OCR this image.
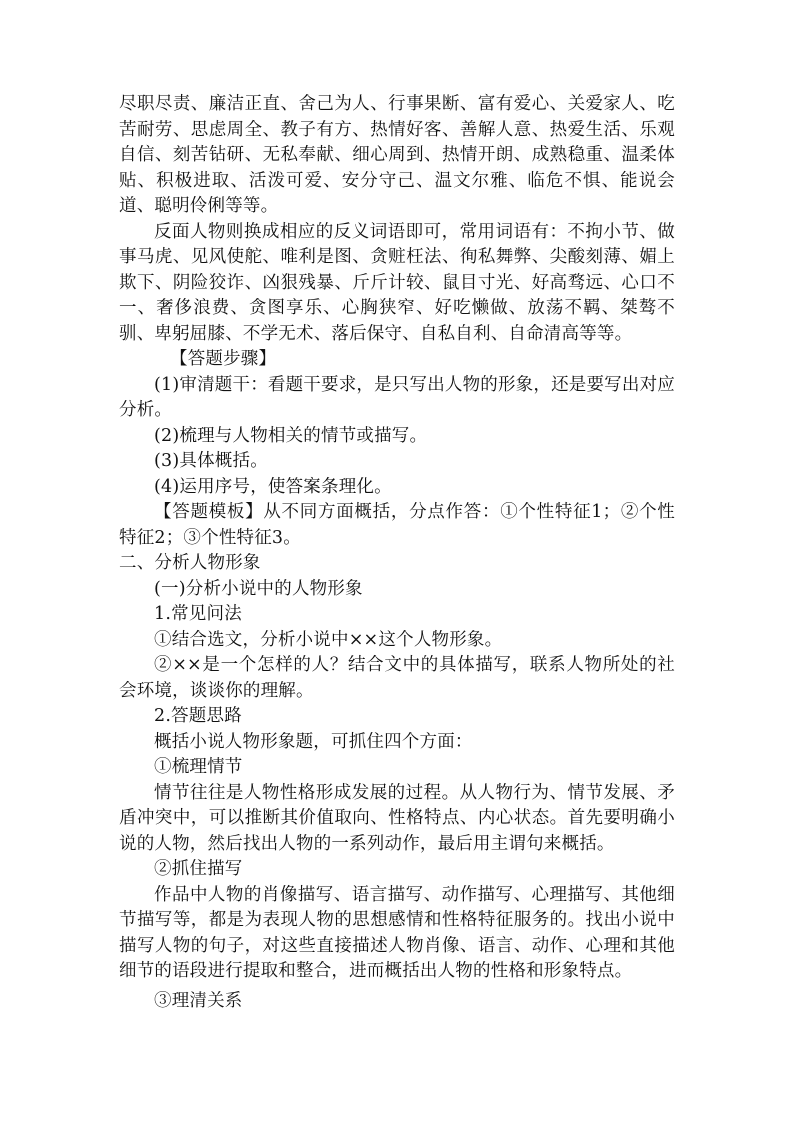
尽职尽责、廉洁正直、舍己为人、行事果断、富有爱心、关爱家人、吃苦耐劳、思虑周全、教子有方、热情好客、善解人意、热爱生活、乐观自信、刻苦钻研、无私奉献、细心周到、热情开朗、成熟稳重、温柔体贴、积极进取、活泼可爱、安分守己、温文尔雅、临危不惧、能说会道、聪明伶俐等等。

反面人物则换成相应的反义词语即可，常用词语有：不拘小节、做事马虎、见风使舵、唯利是图、贪赃枉法、徇私舞弊、尖酸刻薄、媚上欺下、阴险狡诈、凶狠残暴、斤斤计较、鼠目寸光、好高骛远、心口不一、奢侈浪费、贪图享乐、心胸狭窄、好吃懒做、放荡不羁、桀骜不驯、卑躬屈膝、不学无术、落后保守、自私自利、自命清高等等。

【答题步骤】

(1)审清题干：看题干要求，是只写出人物的形象，还是要写出对应分析。

(2)梳理与人物相关的情节或描写。

(3)具体概括。

(4)运用序号，使答案条理化。

【答题模板】从不同方面概括，分点作答：①个性特征1；②个性特征2；③个性特征3。

二、分析人物形象

(一)分析小说中的人物形象

1.常见问法

①结合选文，分析小说中××这个人物形象。

②××是一个怎样的人？结合文中的具体描写，联系人物所处的社会环境，谈谈你的理解。

2.答题思路

概括小说人物形象题，可抓住四个方面：

①梳理情节

情节往往是人物性格形成发展的过程。从人物行为、情节发展、矛盾冲突中，可以推断其价值取向、性格特点、内心状态。首先要明确小说的人物，然后找出人物的一系列动作，最后用主谓句来概括。

②抓住描写

作品中人物的肖像描写、语言描写、动作描写、心理描写、其他细节描写等，都是为表现人物的思想感情和性格特征服务的。找出小说中描写人物的句子，对这些直接描述人物肖像、语言、动作、心理和其他细节的语段进行提取和整合，进而概括出人物的性格和形象特点。

③理清关系
